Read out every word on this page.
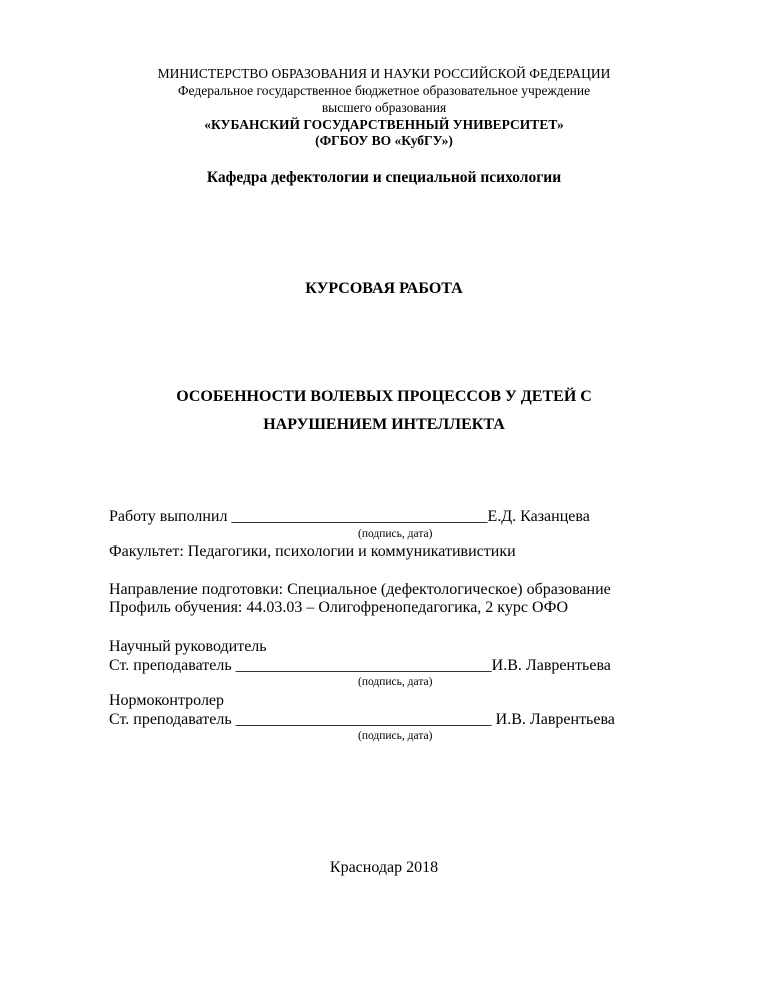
МИНИСТЕРСТВО ОБРАЗОВАНИЯ И НАУКИ РОССИЙСКОЙ ФЕДЕРАЦИИ
Федеральное государственное бюджетное образовательное учреждение
высшего образования
«КУБАНСКИЙ ГОСУДАРСТВЕННЫЙ УНИВЕРСИТЕТ»
(ФГБОУ ВО «КубГУ»)
Кафедра дефектологии и специальной психологии
КУРСОВАЯ РАБОТА
ОСОБЕННОСТИ ВОЛЕВЫХ ПРОЦЕССОВ У ДЕТЕЙ С
НАРУШЕНИЕМ ИНТЕЛЛЕКТА
Работу выполнил ________________________________Е.Д. Казанцева
(подпись, дата)
Факультет: Педагогики, психологии и коммуникативистики
Направление подготовки: Специальное (дефектологическое) образование
Профиль обучения: 44.03.03 – Олигофренопедагогика, 2 курс ОФО
Научный руководитель
Ст. преподаватель ________________________________И.В. Лаврентьева
(подпись, дата)
Нормоконтролер
Ст. преподаватель ________________________________ И.В. Лаврентьева
(подпись, дата)
Краснодар 2018
